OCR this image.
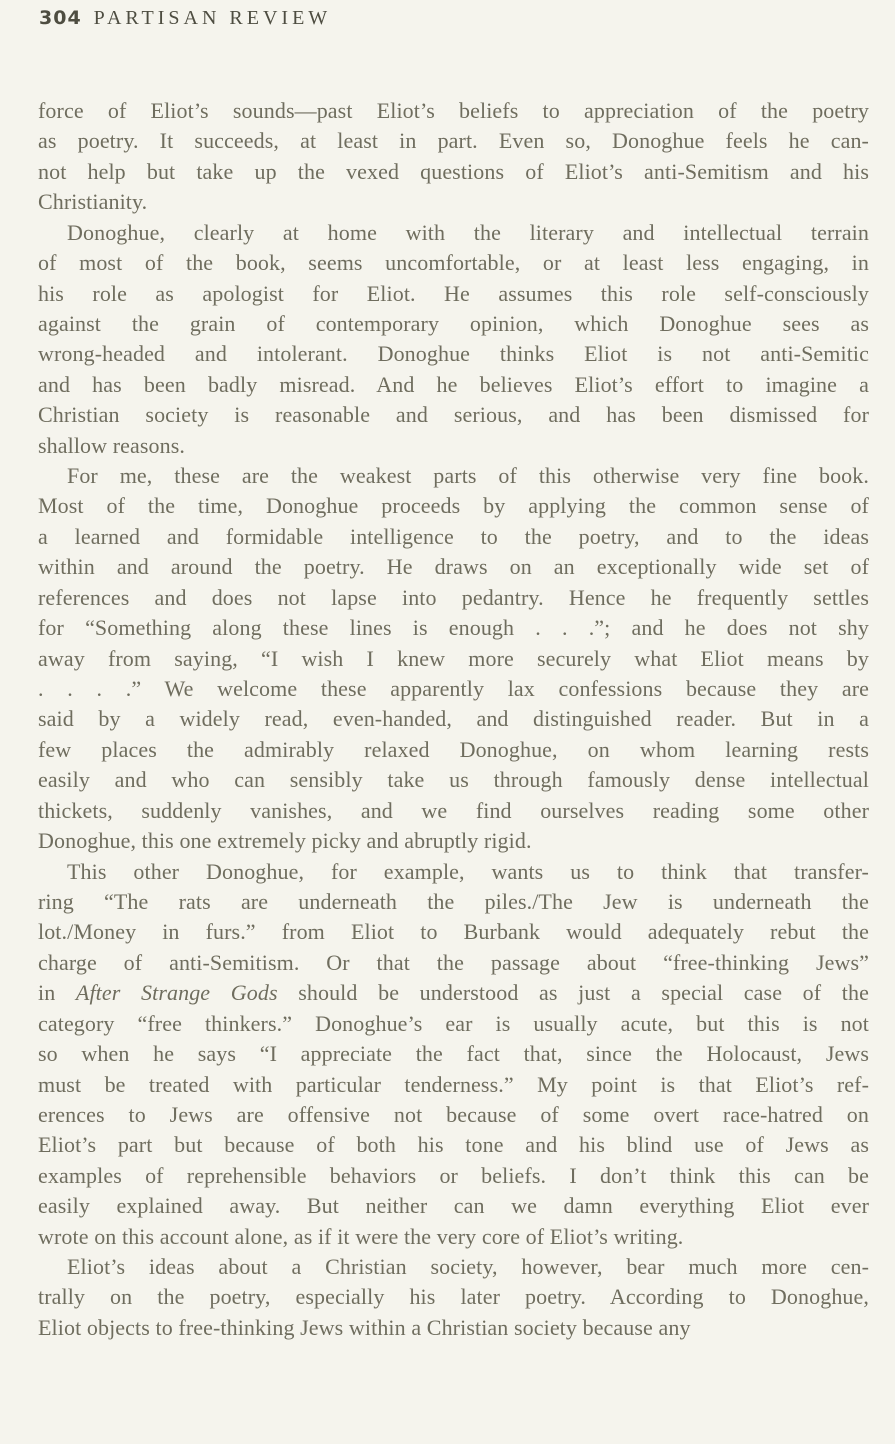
304 PARTISAN REVIEW

force of Eliot’s sounds—past Eliot’s beliefs to appreciation of the poetry
as poetry. It succeeds, at least in part. Even so, Donoghue feels he can-
not help but take up the vexed questions of Eliot’s anti-Semitism and his
Christianity.

Donoghue, clearly at home with the literary and intellectual terrain
of most of the book, seems uncomfortable, or at least less engaging, in
his role as apologist for Eliot. He assumes this role self-consciously
against the grain of contemporary opinion, which Donoghue sees as
wrong-headed and intolerant. Donoghue thinks Eliot is not anti-Semitic
and has been badly misread. And he believes Eliot’s effort to imagine a
Christian society is reasonable and serious, and has been dismissed for
shallow reasons.

For me, these are the weakest parts of this otherwise very fine book.
Most of the time, Donoghue proceeds by applying the common sense of
a learned and formidable intelligence to the poetry, and to the ideas
within and around the poetry. He draws on an exceptionally wide set of
references and does not lapse into pedantry. Hence he frequently settles
for “Something along these lines is enough . . .”; and he does not shy
away from saying, “I wish I knew more securely what Eliot means by
. . . .” We welcome these apparently lax confessions because they are
said by a widely read, even-handed, and distinguished reader. But in a
few places the admirably relaxed Donoghue, on whom learning rests
easily and who can sensibly take us through famously dense intellectual
thickets, suddenly vanishes, and we find ourselves reading some other
Donoghue, this one extremely picky and abruptly rigid.

This other Donoghue, for example, wants us to think that transfer-
ring “The rats are underneath the piles./The Jew is underneath the
lot./Money in furs.” from Eliot to Burbank would adequately rebut the
charge of anti-Semitism. Or that the passage about “free-thinking Jews”
in After Strange Gods should be understood as just a special case of the
category “free thinkers.” Donoghue’s ear is usually acute, but this is not
so when he says “I appreciate the fact that, since the Holocaust, Jews
must be treated with particular tenderness.” My point is that Eliot’s ref-
erences to Jews are offensive not because of some overt race-hatred on
Eliot’s part but because of both his tone and his blind use of Jews as
examples of reprehensible behaviors or beliefs. I don’t think this can be
easily explained away. But neither can we damn everything Eliot ever
wrote on this account alone, as if it were the very core of Eliot’s writing.

Eliot’s ideas about a Christian society, however, bear much more cen-
trally on the poetry, especially his later poetry. According to Donoghue,
Eliot objects to free-thinking Jews within a Christian society because any
